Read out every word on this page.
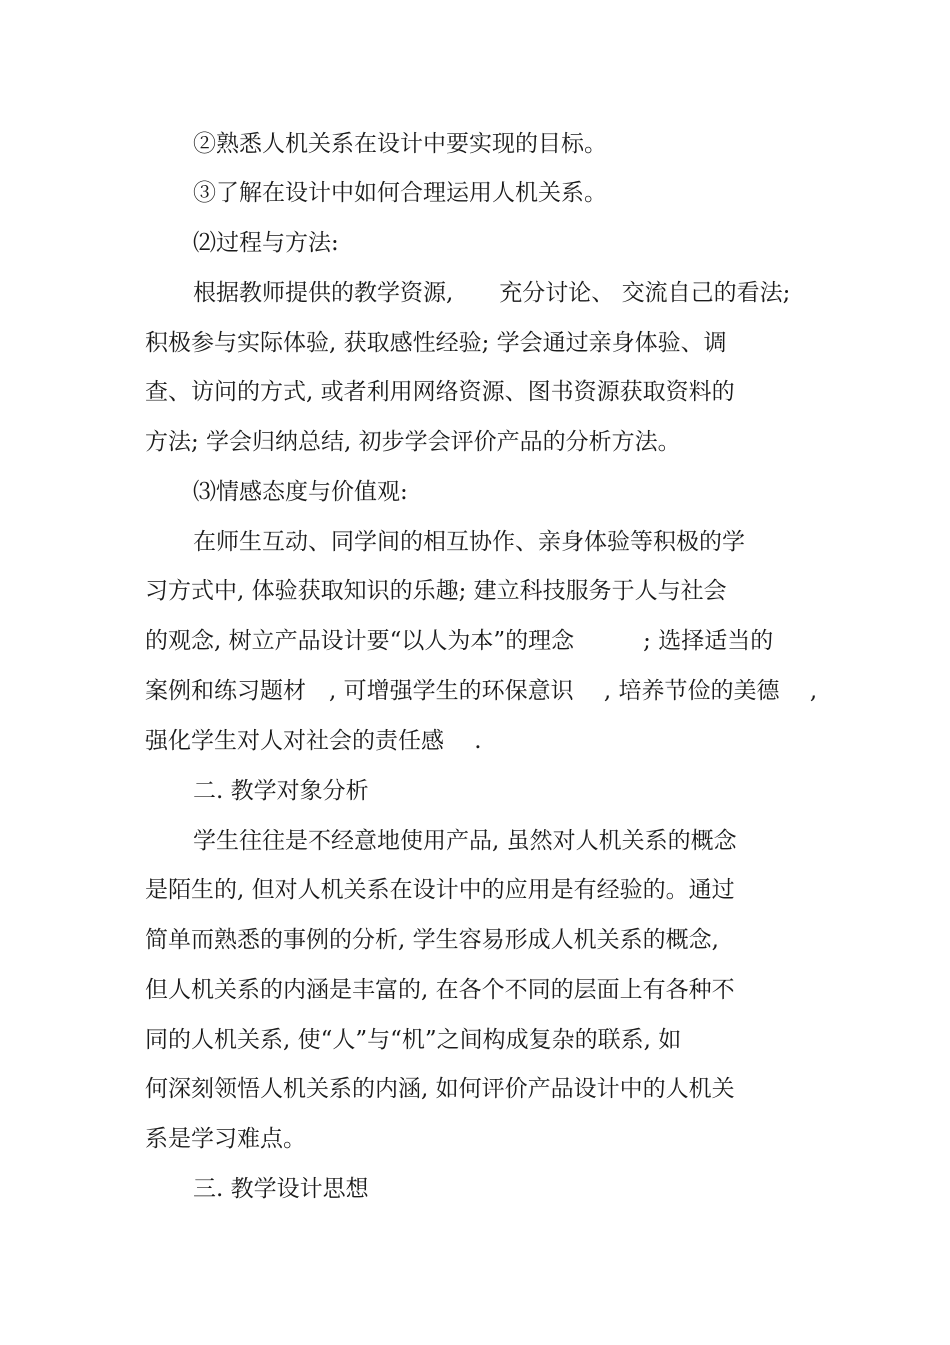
②熟悉人机关系在设计中要实现的目标。
③了解在设计中如何合理运用人机关系。
⑵过程与方法:
根据教师提供的教学资源,　　充分讨论、 交流自己的看法;
积极参与实际体验, 获取感性经验; 学会通过亲身体验、调
查、访问的方式, 或者利用网络资源、图书资源获取资料的
方法; 学会归纳总结, 初步学会评价产品的分析方法。
⑶情感态度与价值观:
在师生互动、同学间的相互协作、亲身体验等积极的学
习方式中, 体验获取知识的乐趣; 建立科技服务于人与社会
的观念, 树立产品设计要“以人为本”的理念　　　; 选择适当的
案例和练习题材　, 可增强学生的环保意识　 , 培养节俭的美德　 ,
强化学生对人对社会的责任感　 .
二. 教学对象分析
学生往往是不经意地使用产品, 虽然对人机关系的概念
是陌生的, 但对人机关系在设计中的应用是有经验的。通过
简单而熟悉的事例的分析, 学生容易形成人机关系的概念,
但人机关系的内涵是丰富的, 在各个不同的层面上有各种不
同的人机关系, 使“人”与“机”之间构成复杂的联系, 如
何深刻领悟人机关系的内涵, 如何评价产品设计中的人机关
系是学习难点。
三. 教学设计思想
